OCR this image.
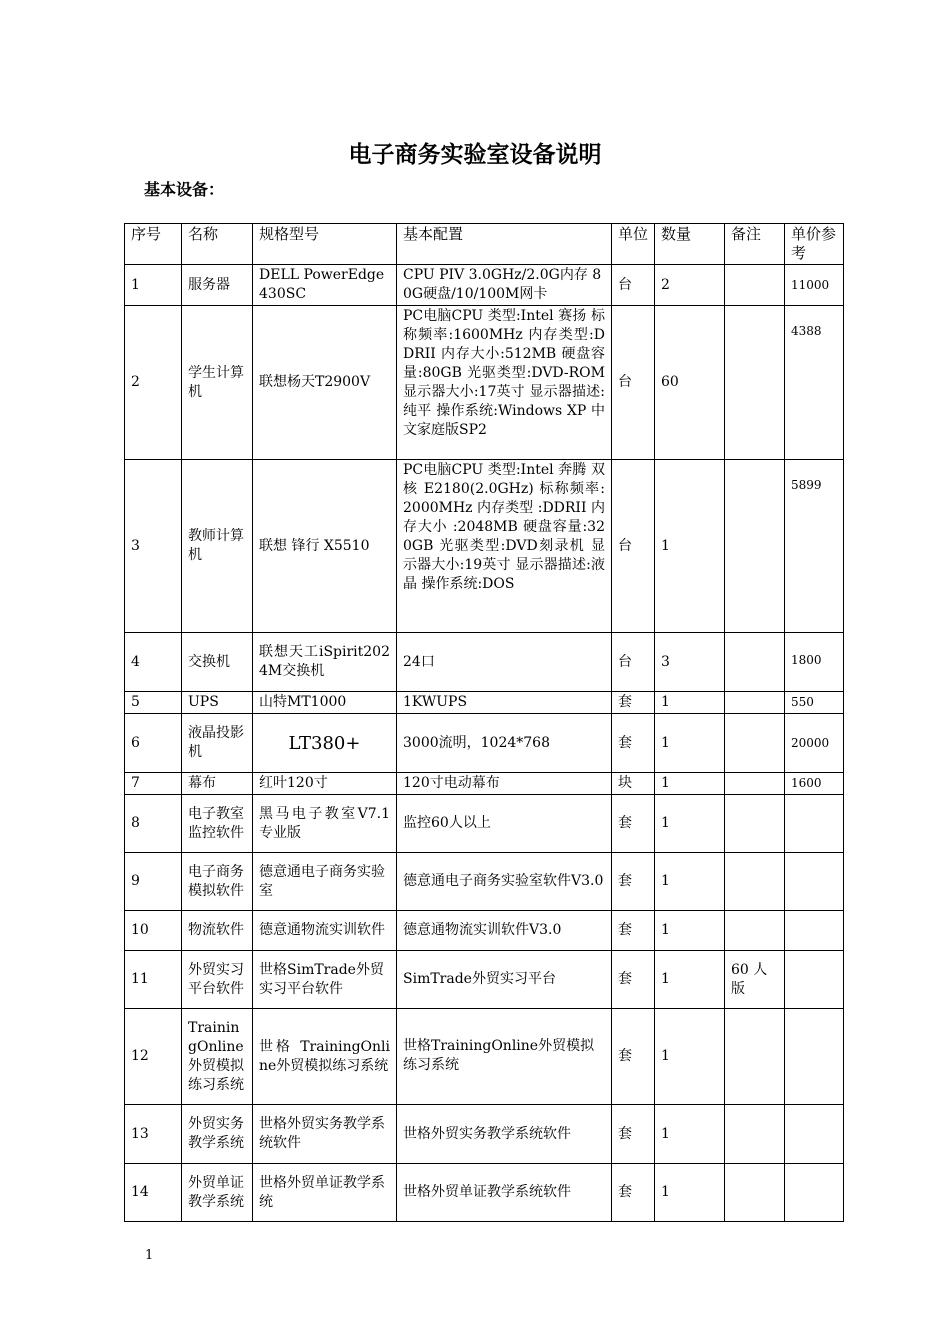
电子商务实验室设备说明
基本设备：
序号	名称	规格型号	基本配置	单位	数量	备注	单价参考
1	服务器	DELL PowerEdge430SC	CPU PIV 3.0GHz/2.0G内存 80G硬盘/10/100M网卡	台	2		11000
2	学生计算机	联想杨天T2900V	PC电脑CPU 类型:Intel 赛扬 标称频率:1600MHz 内存类型:DDRII 内存大小:512MB 硬盘容量:80GB 光驱类型:DVD-ROM 显示器大小:17英寸 显示器描述:纯平 操作系统:Windows XP 中文家庭版SP2	台	60		4388
3	教师计算机	联想 锋行 X5510	PC电脑CPU 类型:Intel 奔腾 双核 E2180(2.0GHz) 标称频率:2000MHz 内存类型 :DDRII 内存大小 :2048MB 硬盘容量:320GB 光驱类型:DVD刻录机 显示器大小:19英寸 显示器描述:液晶 操作系统:DOS	台	1		5899
4	交换机	联想天工iSpirit2024M交换机	24口	台	3		1800
5	UPS	山特MT1000	1KWUPS	套	1		550
6	液晶投影机	LT380+	3000流明，1024*768	套	1		20000
7	幕布	红叶120寸	120寸电动幕布	块	1		1600
8	电子教室监控软件	黑马电子教室V7.1 专业版	监控60人以上	套	1		
9	电子商务模拟软件	德意通电子商务实验室	德意通电子商务实验室软件V3.0	套	1		
10	物流软件	德意通物流实训软件	德意通物流实训软件V3.0	套	1		
11	外贸实习平台软件	世格SimTrade外贸实习平台软件	SimTrade外贸实习平台	套	1	60 人版	
12	TrainingOnline外贸模拟练习系统	世格 TrainingOnline外贸模拟练习系统	世格TrainingOnline外贸模拟练习系统	套	1		
13	外贸实务教学系统	世格外贸实务教学系统软件	世格外贸实务教学系统软件	套	1		
14	外贸单证教学系统	世格外贸单证教学系统	世格外贸单证教学系统软件	套	1		
1
